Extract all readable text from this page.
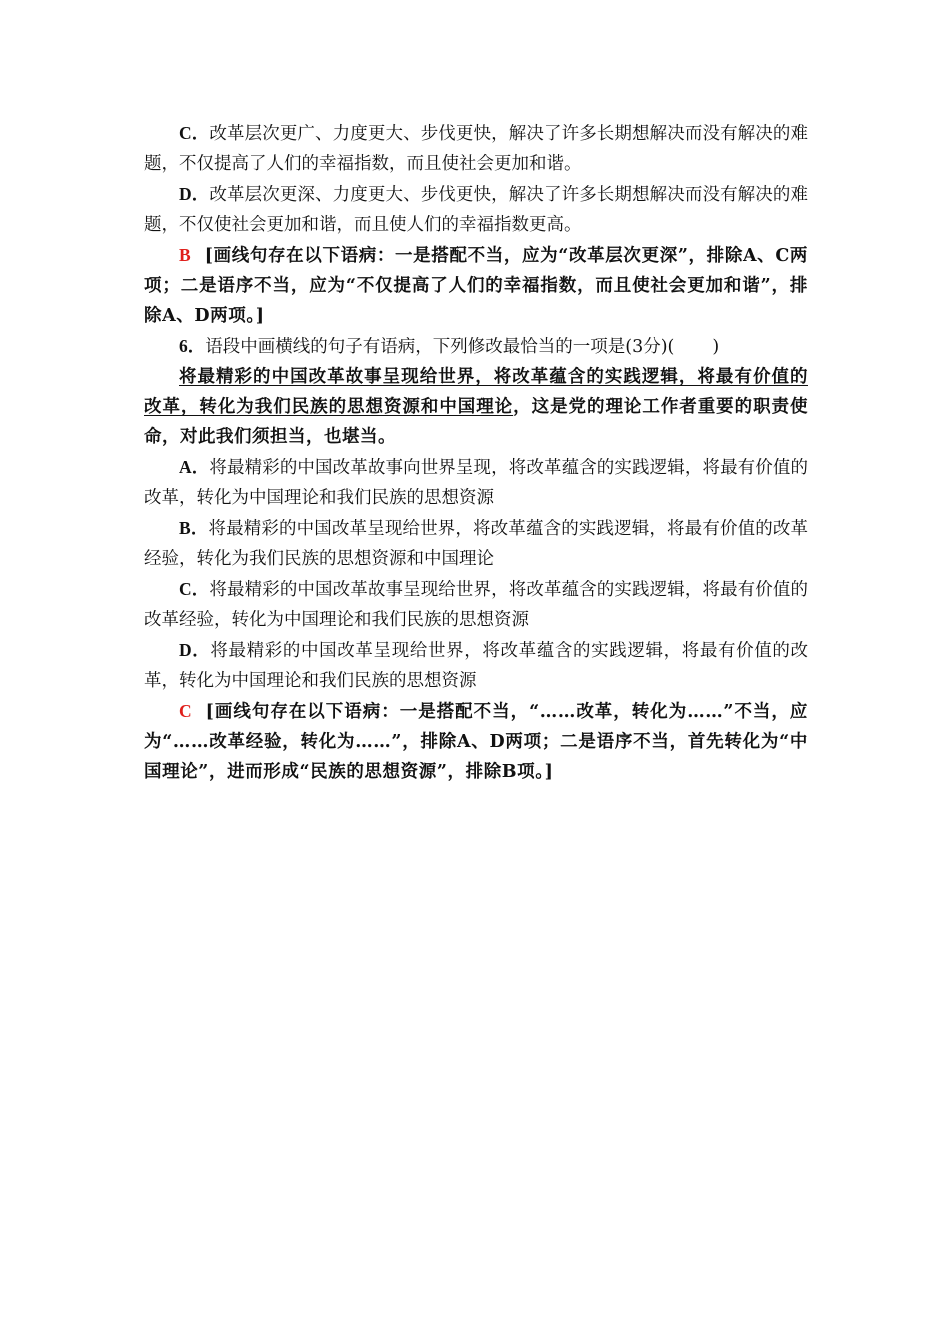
C．改革层次更广、力度更大、步伐更快，解决了许多长期想解决而没有解决的难题，不仅提高了人们的幸福指数，而且使社会更加和谐。

D．改革层次更深、力度更大、步伐更快，解决了许多长期想解决而没有解决的难题，不仅使社会更加和谐，而且使人们的幸福指数更高。

B [画线句存在以下语病：一是搭配不当，应为“改革层次更深”，排除A、C两项；二是语序不当，应为“不仅提高了人们的幸福指数，而且使社会更加和谐”，排除A、D两项。]

6．语段中画横线的句子有语病，下列修改最恰当的一项是(3分)( )

将最精彩的中国改革故事呈现给世界，将改革蕴含的实践逻辑，将最有价值的改革，转化为我们民族的思想资源和中国理论，这是党的理论工作者重要的职责使命，对此我们须担当，也堪当。

A．将最精彩的中国改革故事向世界呈现，将改革蕴含的实践逻辑，将最有价值的改革，转化为中国理论和我们民族的思想资源

B．将最精彩的中国改革呈现给世界，将改革蕴含的实践逻辑，将最有价值的改革经验，转化为我们民族的思想资源和中国理论

C．将最精彩的中国改革故事呈现给世界，将改革蕴含的实践逻辑，将最有价值的改革经验，转化为中国理论和我们民族的思想资源

D．将最精彩的中国改革呈现给世界，将改革蕴含的实践逻辑，将最有价值的改革，转化为中国理论和我们民族的思想资源

C [画线句存在以下语病：一是搭配不当，“……改革，转化为……”不当，应为“……改革经验，转化为……”，排除A、D两项；二是语序不当，首先转化为“中国理论”，进而形成“民族的思想资源”，排除B项。]
